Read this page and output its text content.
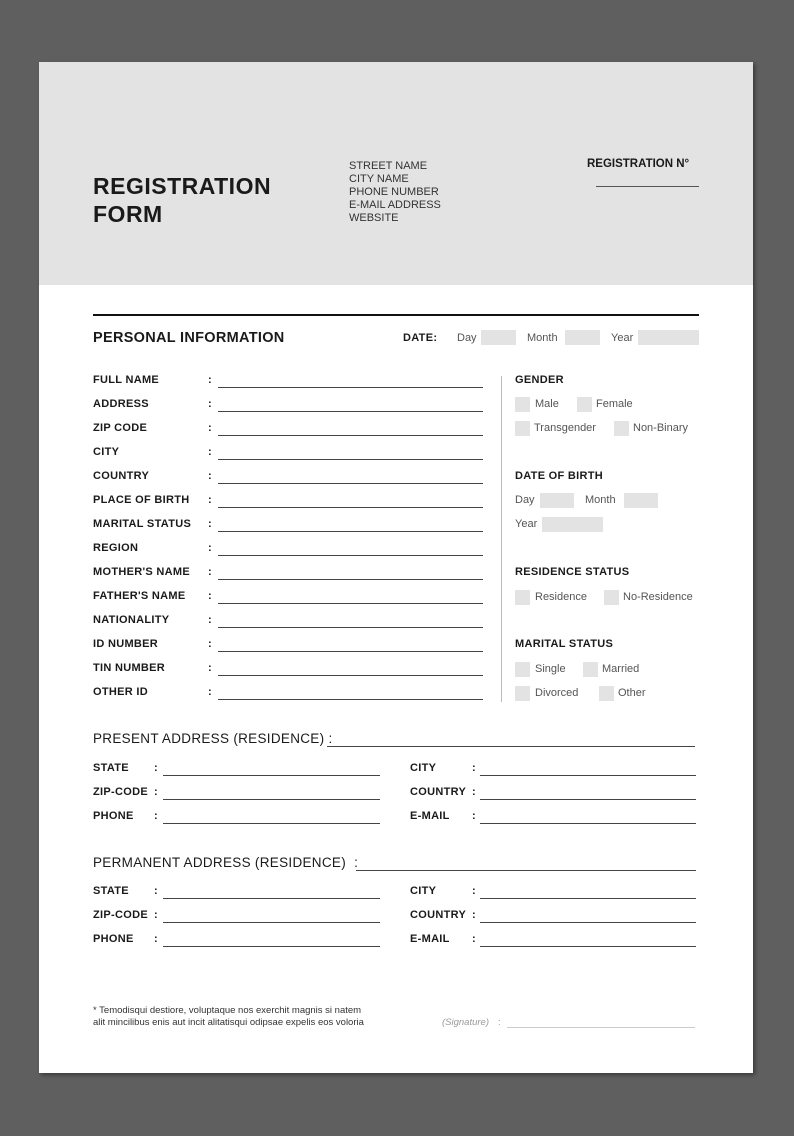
REGISTRATION
FORM
STREET NAME
CITY NAME
PHONE NUMBER
E-MAIL ADDRESS
WEBSITE
REGISTRATION N°
PERSONAL INFORMATION	DATE: Day	Month	Year
GENDER
DATE OF BIRTH
Day	Month
Year
RESIDENCE STATUS
MARITAL STATUS
PRESENT ADDRESS (RESIDENCE) :
PERMANENT ADDRESS (RESIDENCE) :
* Temodisqui destiore, voluptaque nos exerchit magnis si natem
alit mincilibus enis aut incit alitatisqui odipsae expelis eos voloria	(Signature) :
FULL NAME	:
ADDRESS	:
ZIP CODE	:
CITY	:
COUNTRY	:
PLACE OF BIRTH :
MARITAL STATUS :
REGION	:
MOTHER'S NAME :
FATHER'S NAME :
NATIONALITY	:
ID NUMBER	:
TIN NUMBER	:
OTHER ID	:
Male	Female
Transgender	Non-Binary
Residence	No-Residence
Single	Married
Divorced	Other
STATE :	CITY	:
ZIP-CODE :	COUNTRY :
PHONE :	E-MAIL :
STATE :	CITY	:
ZIP-CODE :	COUNTRY :
PHONE :	E-MAIL :
